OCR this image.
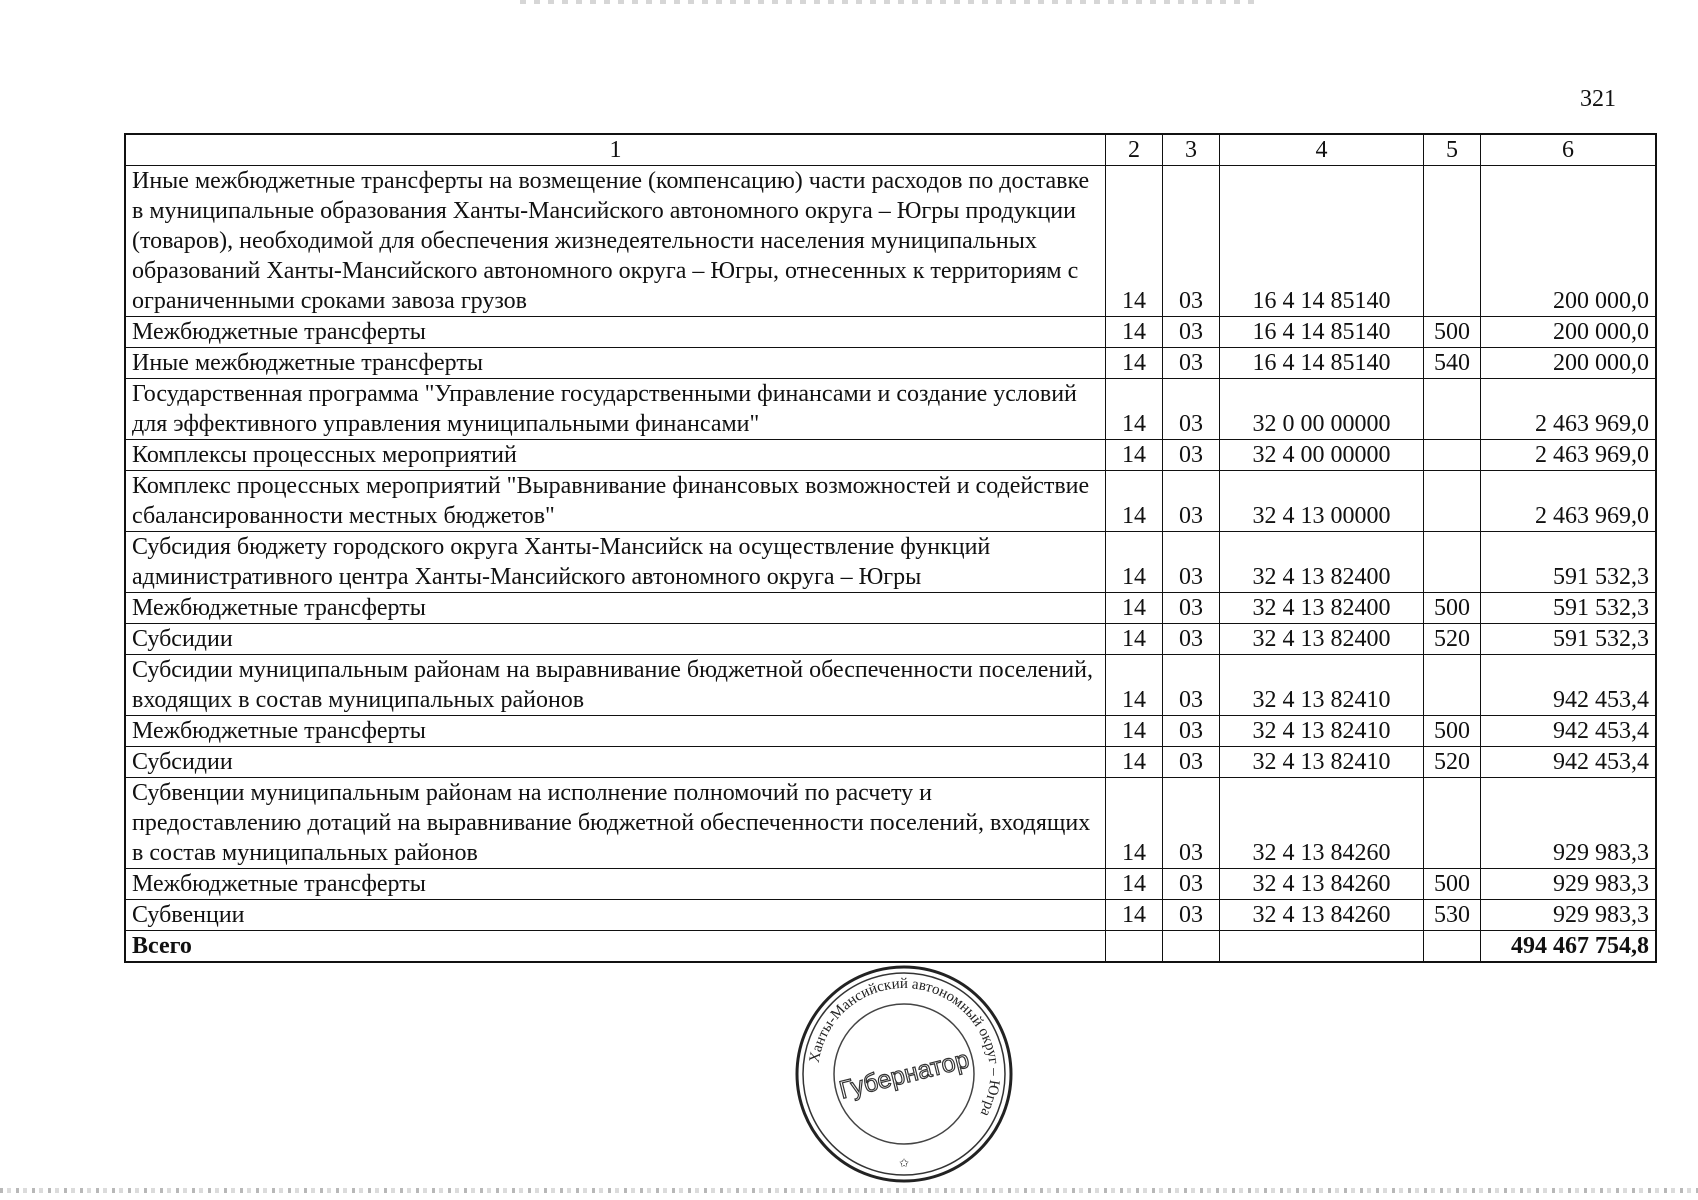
321
1	2	3	4	5	6
Иные межбюджетные трансферты на возмещение (компенсацию) части расходов по доставке в муниципальные образования Ханты-Мансийского автономного округа – Югры продукции (товаров), необходимой для обеспечения жизнедеятельности населения муниципальных образований Ханты-Мансийского автономного округа – Югры, отнесенных к территориям с ограниченными сроками завоза грузов	14	03	16 4 14 85140		200 000,0
Межбюджетные трансферты	14	03	16 4 14 85140	500	200 000,0
Иные межбюджетные трансферты	14	03	16 4 14 85140	540	200 000,0
Государственная программа "Управление государственными финансами и создание условий для эффективного управления муниципальными финансами"	14	03	32 0 00 00000		2 463 969,0
Комплексы процессных мероприятий	14	03	32 4 00 00000		2 463 969,0
Комплекс процессных мероприятий "Выравнивание финансовых возможностей и содействие сбалансированности местных бюджетов"	14	03	32 4 13 00000		2 463 969,0
Субсидия бюджету городского округа Ханты-Мансийск на осуществление функций административного центра Ханты-Мансийского автономного округа – Югры	14	03	32 4 13 82400		591 532,3
Межбюджетные трансферты	14	03	32 4 13 82400	500	591 532,3
Субсидии	14	03	32 4 13 82400	520	591 532,3
Субсидии муниципальным районам на выравнивание бюджетной обеспеченности поселений, входящих в состав муниципальных районов	14	03	32 4 13 82410		942 453,4
Межбюджетные трансферты	14	03	32 4 13 82410	500	942 453,4
Субсидии	14	03	32 4 13 82410	520	942 453,4
Субвенции муниципальным районам на исполнение полномочий по расчету и предоставлению дотаций на выравнивание бюджетной обеспеченности поселений, входящих в состав муниципальных районов	14	03	32 4 13 84260		929 983,3
Межбюджетные трансферты	14	03	32 4 13 84260	500	929 983,3
Субвенции	14	03	32 4 13 84260	530	929 983,3
Всего					494 467 754,8
Ханты-Мансийский автономный округ – Югра
Губернатор
✩
